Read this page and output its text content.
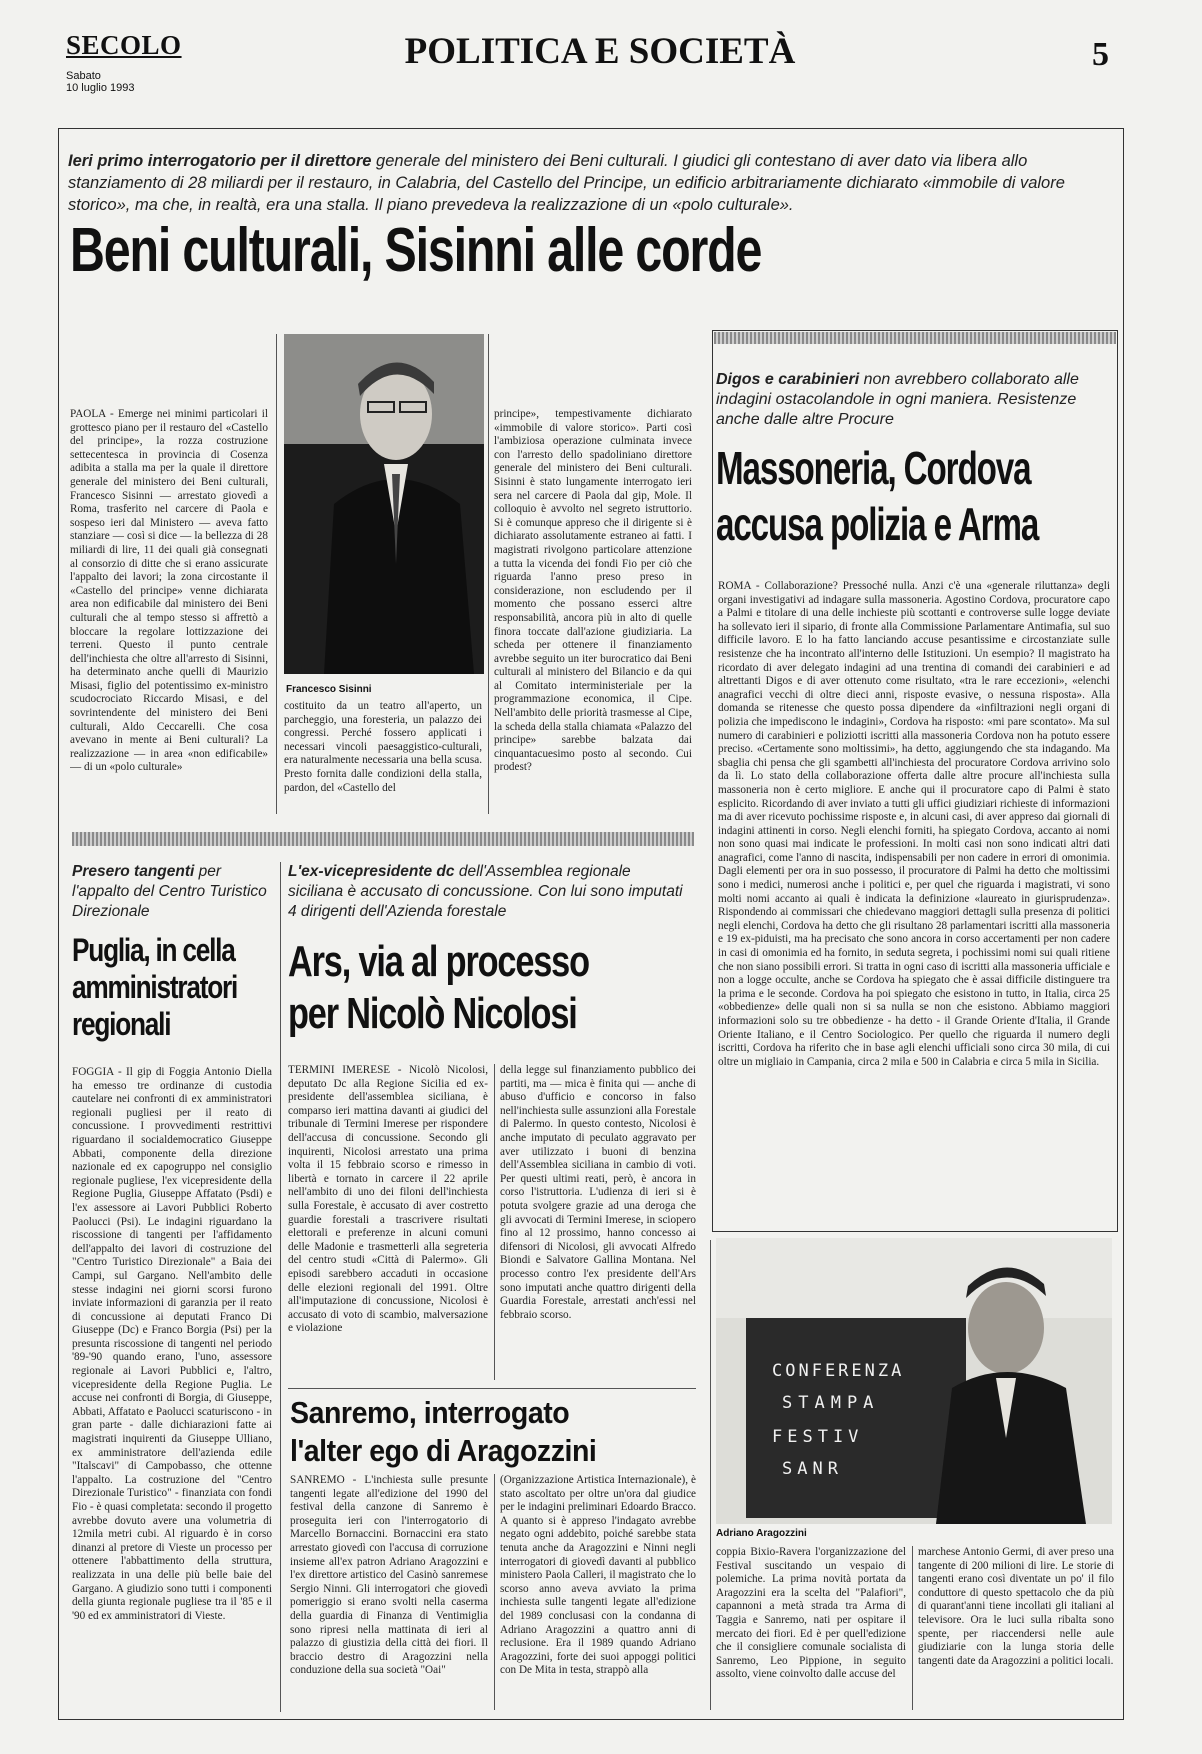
SECOLO
Sabato
10 luglio 1993
POLITICA E SOCIETÀ	5
Ieri primo interrogatorio per il direttore generale del ministero dei Beni culturali. I giudici gli contestano di aver dato via libera allo stanziamento di 28 miliardi per il restauro, in Calabria, del Castello del Principe, un edificio arbitrariamente dichiarato «immobile di valore storico», ma che, in realtà, era una stalla. Il piano prevedeva la realizzazione di un «polo culturale».
Beni culturali, Sisinni alle corde
PAOLA - Emerge nei minimi particolari il grottesco piano per il restauro del «Castello del principe», la rozza costruzione settecentesca in provincia di Cosenza adibita a stalla ma per la quale il direttore generale del ministero dei Beni culturali, Francesco Sisinni — arrestato giovedì a Roma, trasferito nel carcere di Paola e sospeso ieri dal Ministero — aveva fatto stanziare — così si dice — la bellezza di 28 miliardi di lire, 11 dei quali già consegnati al consorzio di ditte che si erano assicurate l'appalto dei lavori; la zona circostante il «Castello del principe» venne dichiarata area non edificabile dal ministero dei Beni culturali che al tempo stesso si affrettò a bloccare la regolare lottizzazione dei terreni. Questo il punto centrale dell'inchiesta che oltre all'arresto di Sisinni, ha determinato anche quelli di Maurizio Misasi, figlio del potentissimo ex-ministro scudocrociato Riccardo Misasi, e del sovrintendente del ministero dei Beni culturali, Aldo Ceccarelli. Che cosa avevano in mente ai Beni culturali? La realizzazione — in area «non edificabile» — di un «polo culturale»
Francesco Sisinni
costituito da un teatro all'aperto, un parcheggio, una foresteria, un palazzo dei congressi. Perché fossero applicati i necessari vincoli paesaggistico-culturali, era naturalmente necessaria una bella scusa. Presto fornita dalle condizioni della stalla, pardon, del «Castello del
principe», tempestivamente dichiarato «immobile di valore storico». Parti così l'ambiziosa operazione culminata invece con l'arresto dello spadoliniano direttore generale del ministero dei Beni culturali. Sisinni è stato lungamente interrogato ieri sera nel carcere di Paola dal gip, Mole. Il colloquio è avvolto nel segreto istruttorio. Si è comunque appreso che il dirigente si è dichiarato assolutamente estraneo ai fatti. I magistrati rivolgono particolare attenzione a tutta la vicenda dei fondi Fio per ciò che riguarda l'anno preso preso in considerazione, non escludendo per il momento che possano esserci altre responsabilità, ancora più in alto di quelle finora toccate dall'azione giudiziaria. La scheda per ottenere il finanziamento avrebbe seguito un iter burocratico dai Beni culturali al ministero del Bilancio e da qui al Comitato interministeriale per la programmazione economica, il Cipe. Nell'ambito delle priorità trasmesse al Cipe, la scheda della stalla chiamata «Palazzo del principe» sarebbe balzata dai cinquantacuesimo posto al secondo. Cui prodest?
Digos e carabinieri non avrebbero collaborato alle indagini ostacolandole in ogni maniera. Resistenze anche dalle altre Procure
Massoneria, Cordova
accusa polizia e Arma
ROMA - Collaborazione? Pressoché nulla. Anzi c'è una «generale riluttanza» degli organi investigativi ad indagare sulla massoneria. Agostino Cordova, procuratore capo a Palmi e titolare di una delle inchieste più scottanti e controverse sulle logge deviate ha sollevato ieri il sipario, di fronte alla Commissione Parlamentare Antimafia, sul suo difficile lavoro. E lo ha fatto lanciando accuse pesantissime e circostanziate sulle resistenze che ha incontrato all'interno delle Istituzioni. Un esempio? Il magistrato ha ricordato di aver delegato indagini ad una trentina di comandi dei carabinieri e ad altrettanti Digos e di aver ottenuto come risultato, «tra le rare eccezioni», «elenchi anagrafici vecchi di oltre dieci anni, risposte evasive, o nessuna risposta». Alla domanda se ritenesse che questo possa dipendere da «infiltrazioni negli organi di polizia che impediscono le indagini», Cordova ha risposto: «mi pare scontato». Ma sul numero di carabinieri e poliziotti iscritti alla massoneria Cordova non ha potuto essere preciso. «Certamente sono moltissimi», ha detto, aggiungendo che sta indagando. Ma sbaglia chi pensa che gli sgambetti all'inchiesta del procuratore Cordova arrivino solo da lì. Lo stato della collaborazione offerta dalle altre procure all'inchiesta sulla massoneria non è certo migliore. E anche qui il procuratore capo di Palmi è stato esplicito. Ricordando di aver inviato a tutti gli uffici giudiziari richieste di informazioni ma di aver ricevuto pochissime risposte e, in alcuni casi, di aver appreso dai giornali di indagini attinenti in corso. Negli elenchi forniti, ha spiegato Cordova, accanto ai nomi non sono quasi mai indicate le professioni. In molti casi non sono indicati altri dati anagrafici, come l'anno di nascita, indispensabili per non cadere in errori di omonimia. Dagli elementi per ora in suo possesso, il procuratore di Palmi ha detto che moltissimi sono i medici, numerosi anche i politici e, per quel che riguarda i magistrati, vi sono molti nomi accanto ai quali è indicata la definizione «laureato in giurisprudenza». Rispondendo ai commissari che chiedevano maggiori dettagli sulla presenza di politici negli elenchi, Cordova ha detto che gli risultano 28 parlamentari iscritti alla massoneria e 19 ex-piduisti, ma ha precisato che sono ancora in corso accertamenti per non cadere in casi di omonimia ed ha fornito, in seduta segreta, i pochissimi nomi sui quali ritiene che non siano possibili errori. Si tratta in ogni caso di iscritti alla massoneria ufficiale e non a logge occulte, anche se Cordova ha spiegato che è assai difficile distinguere tra la prima e le seconde. Cordova ha poi spiegato che esistono in tutto, in Italia, circa 25 «obbedienze» delle quali non si sa nulla se non che esistono. Abbiamo maggiori informazioni solo su tre obbedienze - ha detto - il Grande Oriente d'Italia, il Grande Oriente Italiano, e il Centro Sociologico. Per quello che riguarda il numero degli iscritti, Cordova ha riferito che in base agli elenchi ufficiali sono circa 30 mila, di cui oltre un migliaio in Campania, circa 2 mila e 500 in Calabria e circa 5 mila in Sicilia.
Presero tangenti per l'appalto del Centro Turistico Direzionale
Puglia, in cella
amministratori
regionali
FOGGIA - Il gip di Foggia Antonio Diella ha emesso tre ordinanze di custodia cautelare nei confronti di ex amministratori regionali pugliesi per il reato di concussione. I provvedimenti restrittivi riguardano il socialdemocratico Giuseppe Abbati, componente della direzione nazionale ed ex capogruppo nel consiglio regionale pugliese, l'ex vicepresidente della Regione Puglia, Giuseppe Affatato (Psdi) e l'ex assessore ai Lavori Pubblici Roberto Paolucci (Psi). Le indagini riguardano la riscossione di tangenti per l'affidamento dell'appalto dei lavori di costruzione del "Centro Turistico Direzionale" a Baia dei Campi, sul Gargano. Nell'ambito delle stesse indagini nei giorni scorsi furono inviate informazioni di garanzia per il reato di concussione ai deputati Franco Di Giuseppe (Dc) e Franco Borgia (Psi) per la presunta riscossione di tangenti nel periodo '89-'90 quando erano, l'uno, assessore regionale ai Lavori Pubblici e, l'altro, vicepresidente della Regione Puglia. Le accuse nei confronti di Borgia, di Giuseppe, Abbati, Affatato e Paolucci scaturiscono - in gran parte - dalle dichiarazioni fatte ai magistrati inquirenti da Giuseppe Ulliano, ex amministratore dell'azienda edile "Italscavi" di Campobasso, che ottenne l'appalto. La costruzione del "Centro Direzionale Turistico" - finanziata con fondi Fio - è quasi completata: secondo il progetto avrebbe dovuto avere una volumetria di 12mila metri cubi. Al riguardo è in corso dinanzi al pretore di Vieste un processo per ottenere l'abbattimento della struttura, realizzata in una delle più belle baie del Gargano. A giudizio sono tutti i componenti della giunta regionale pugliese tra il '85 e il '90 ed ex amministratori di Vieste.
L'ex-vicepresidente dc dell'Assemblea regionale siciliana è accusato di concussione. Con lui sono imputati 4 dirigenti dell'Azienda forestale
Ars, via al processo
per Nicolò Nicolosi
TERMINI IMERESE - Nicolò Nicolosi, deputato Dc alla Regione Sicilia ed ex-presidente dell'assemblea siciliana, è comparso ieri mattina davanti ai giudici del tribunale di Termini Imerese per rispondere dell'accusa di concussione. Secondo gli inquirenti, Nicolosi arrestato una prima volta il 15 febbraio scorso e rimesso in libertà e tornato in carcere il 22 aprile nell'ambito di uno dei filoni dell'inchiesta sulla Forestale, è accusato di aver costretto guardie forestali a trascrivere risultati elettorali e preferenze in alcuni comuni delle Madonie e trasmetterli alla segreteria del centro studi «Città di Palermo». Gli episodi sarebbero accaduti in occasione delle elezioni regionali del 1991. Oltre all'imputazione di concussione, Nicolosi è accusato di voto di scambio, malversazione e violazione
della legge sul finanziamento pubblico dei partiti, ma — mica è finita qui — anche di abuso d'ufficio e concorso in falso nell'inchiesta sulle assunzioni alla Forestale di Palermo. In questo contesto, Nicolosi è anche imputato di peculato aggravato per aver utilizzato i buoni di benzina dell'Assemblea siciliana in cambio di voti. Per questi ultimi reati, però, è ancora in corso l'istruttoria. L'udienza di ieri si è potuta svolgere grazie ad una deroga che gli avvocati di Termini Imerese, in sciopero fino al 12 prossimo, hanno concesso ai difensori di Nicolosi, gli avvocati Alfredo Biondi e Salvatore Gallina Montana. Nel processo contro l'ex presidente dell'Ars sono imputati anche quattro dirigenti della Guardia Forestale, arrestati anch'essi nel febbraio scorso.
Sanremo, interrogato
l'alter ego di Aragozzini
SANREMO - L'inchiesta sulle presunte tangenti legate all'edizione del 1990 del festival della canzone di Sanremo è proseguita ieri con l'interrogatorio di Marcello Bornaccini. Bornaccini era stato arrestato giovedì con l'accusa di corruzione insieme all'ex patron Adriano Aragozzini e l'ex direttore artistico del Casinò sanremese Sergio Ninni. Gli interrogatori che giovedì pomeriggio si erano svolti nella caserma della guardia di Finanza di Ventimiglia sono ripresi nella mattinata di ieri al palazzo di giustizia della città dei fiori. Il braccio destro di Aragozzini nella conduzione della sua società "Oai"
(Organizzazione Artistica Internazionale), è stato ascoltato per oltre un'ora dal giudice per le indagini preliminari Edoardo Bracco. A quanto si è appreso l'indagato avrebbe negato ogni addebito, poiché sarebbe stata tenuta anche da Aragozzini e Ninni negli interrogatori di giovedì davanti al pubblico ministero Paola Calleri, il magistrato che lo scorso anno aveva avviato la prima inchiesta sulle tangenti legate all'edizione del 1989 conclusasi con la condanna di Adriano Aragozzini a quattro anni di reclusione. Era il 1989 quando Adriano Aragozzini, forte dei suoi appoggi politici con De Mita in testa, strappò alla
coppia Bixio-Ravera l'organizzazione del Festival suscitando un vespaio di polemiche. La prima novità portata da Aragozzini era la scelta del "Palafiori", capannoni a metà strada tra Arma di Taggia e Sanremo, nati per ospitare il mercato dei fiori. Ed è per quell'edizione che il consigliere comunale socialista di Sanremo, Leo Pippione, in seguito assolto, viene coinvolto dalle accuse del
marchese Antonio Germi, di aver preso una tangente di 200 milioni di lire. Le storie di tangenti erano così diventate un po' il filo conduttore di questo spettacolo che da più di quarant'anni tiene incollati gli italiani al televisore. Ora le luci sulla ribalta sono spente, per riaccendersi nelle aule giudiziarie con la lunga storia delle tangenti date da Aragozzini a politici locali.
CONFERENZA
STAMPA
FESTIV
SANR
Adriano Aragozzini
